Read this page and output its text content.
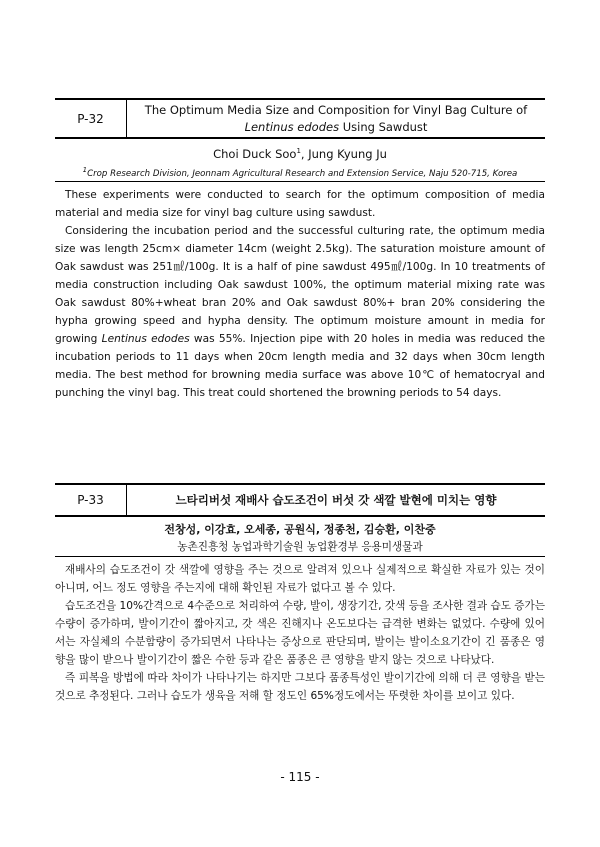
P-32
The Optimum Media Size and Composition for Vinyl Bag Culture of
Lentinus edodes Using Sawdust
Choi Duck Soo$^1$, Jung Kyung Ju
$^1$Crop Research Division, Jeonnam Agricultural Research and Extension Service, Naju 520-715, Korea

These experiments were conducted to search for the optimum composition of media material and media size for vinyl bag culture using sawdust.

Considering the incubation period and the successful culturing rate, the optimum media size was length 25cm× diameter 14cm (weight 2.5kg). The saturation moisture amount of Oak sawdust was 251㎖/100g. It is a half of pine sawdust 495㎖/100g. In 10 treatments of media construction including Oak sawdust 100%, the optimum material mixing rate was Oak sawdust 80%+wheat bran 20% and Oak sawdust 80%+ bran 20% considering the hypha growing speed and hypha density. The optimum moisture amount in media for growing Lentinus edodes was 55%. Injection pipe with 20 holes in media was reduced the incubation periods to 11 days when 20cm length media and 32 days when 30cm length media. The best method for browning media surface was above 10℃ of hematocryal and punching the vinyl bag. This treat could shortened the browning periods to 54 days.

P-33	느타리버섯 재배사 습도조건이 버섯 갓 색깔 발현에 미치는 영향
전창성, 이강효, 오세종, 공원식, 정종천, 김승환, 이찬중
농촌진흥청 농업과학기술원 농업환경부 응용미생물과

재배사의 습도조건이 갓 색깔에 영향을 주는 것으로 알려져 있으나 실제적으로 확실한 자료가 있는 것이 아니며, 어느 정도 영향을 주는지에 대해 확인된 자료가 없다고 볼 수 있다.

습도조건을 10%간격으로 4수준으로 처리하여 수량, 발이, 생장기간, 갓색 등을 조사한 결과 습도 증가는 수량이 증가하며, 발이기간이 짧아지고, 갓 색은 진해지나 온도보다는 급격한 변화는 없었다. 수량에 있어서는 자실체의 수분함량이 증가되면서 나타나는 증상으로 판단되며, 발이는 발이소요기간이 긴 품종은 영향을 많이 받으나 발이기간이 짧은 수한 등과 같은 품종은 큰 영향을 받지 않는 것으로 나타났다.

즉 피복을 방법에 따라 차이가 나타나기는 하지만 그보다 품종특성인 발이기간에 의해 더 큰 영향을 받는 것으로 추정된다. 그러나 습도가 생육을 저해 할 정도인 65%정도에서는 뚜렷한 차이를 보이고 있다.

- 115 -
